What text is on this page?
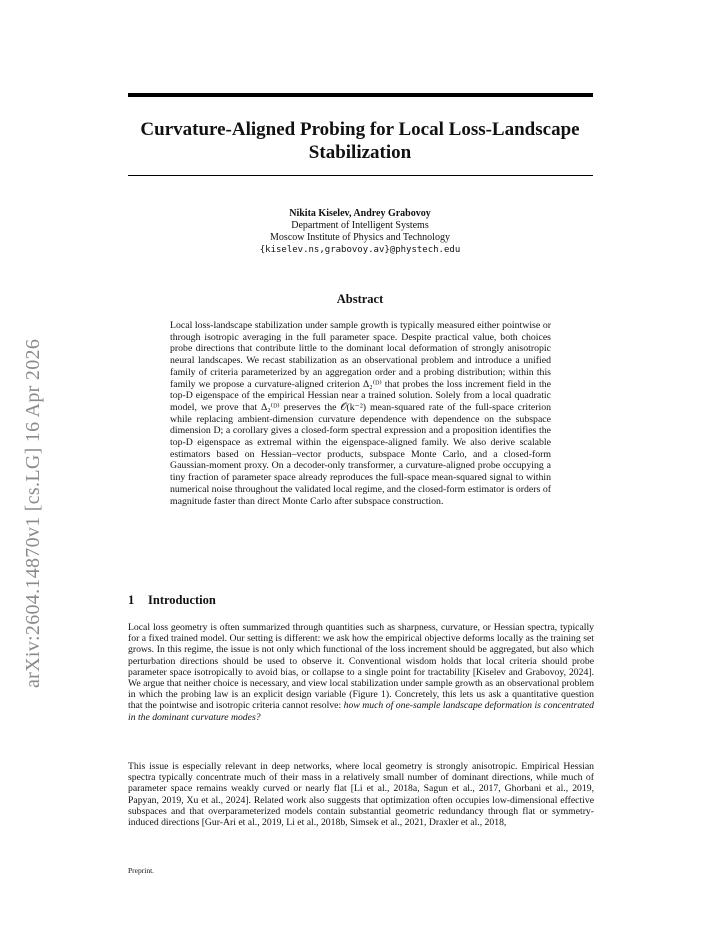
arXiv:2604.14870v1 [cs.LG] 16 Apr 2026
Curvature-Aligned Probing for Local Loss-Landscape Stabilization
Nikita Kiselev, Andrey Grabovoy
Department of Intelligent Systems
Moscow Institute of Physics and Technology
{kiselev.ns,grabovoy.av}@phystech.edu
Abstract
Local loss-landscape stabilization under sample growth is typically measured either pointwise or through isotropic averaging in the full parameter space. Despite practical value, both choices probe directions that contribute little to the dominant local deformation of strongly anisotropic neural landscapes. We recast stabilization as an observational problem and introduce a unified family of criteria parameterized by an aggregation order and a probing distribution; within this family we propose a curvature-aligned criterion Δ₂⁽ᴰ⁾ that probes the loss increment field in the top-D eigenspace of the empirical Hessian near a trained solution. Solely from a local quadratic model, we prove that Δ₂⁽ᴰ⁾ preserves the 𝒪(k⁻²) mean-squared rate of the full-space criterion while replacing ambient-dimension curvature dependence with dependence on the subspace dimension D; a corollary gives a closed-form spectral expression and a proposition identifies the top-D eigenspace as extremal within the eigenspace-aligned family. We also derive scalable estimators based on Hessian–vector products, subspace Monte Carlo, and a closed-form Gaussian-moment proxy. On a decoder-only transformer, a curvature-aligned probe occupying a tiny fraction of parameter space already reproduces the full-space mean-squared signal to within numerical noise throughout the validated local regime, and the closed-form estimator is orders of magnitude faster than direct Monte Carlo after subspace construction.
1 Introduction
Local loss geometry is often summarized through quantities such as sharpness, curvature, or Hessian spectra, typically for a fixed trained model. Our setting is different: we ask how the empirical objective deforms locally as the training set grows. In this regime, the issue is not only which functional of the loss increment should be aggregated, but also which perturbation directions should be used to observe it. Conventional wisdom holds that local criteria should probe parameter space isotropically to avoid bias, or collapse to a single point for tractability [Kiselev and Grabovoy, 2024]. We argue that neither choice is necessary, and view local stabilization under sample growth as an observational problem in which the probing law is an explicit design variable (Figure 1). Concretely, this lets us ask a quantitative question that the pointwise and isotropic criteria cannot resolve: how much of one-sample landscape deformation is concentrated in the dominant curvature modes?
This issue is especially relevant in deep networks, where local geometry is strongly anisotropic. Empirical Hessian spectra typically concentrate much of their mass in a relatively small number of dominant directions, while much of parameter space remains weakly curved or nearly flat [Li et al., 2018a, Sagun et al., 2017, Ghorbani et al., 2019, Papyan, 2019, Xu et al., 2024]. Related work also suggests that optimization often occupies low-dimensional effective subspaces and that overparameterized models contain substantial geometric redundancy through flat or symmetry-induced directions [Gur-Ari et al., 2019, Li et al., 2018b, Simsek et al., 2021, Draxler et al., 2018,
Preprint.
